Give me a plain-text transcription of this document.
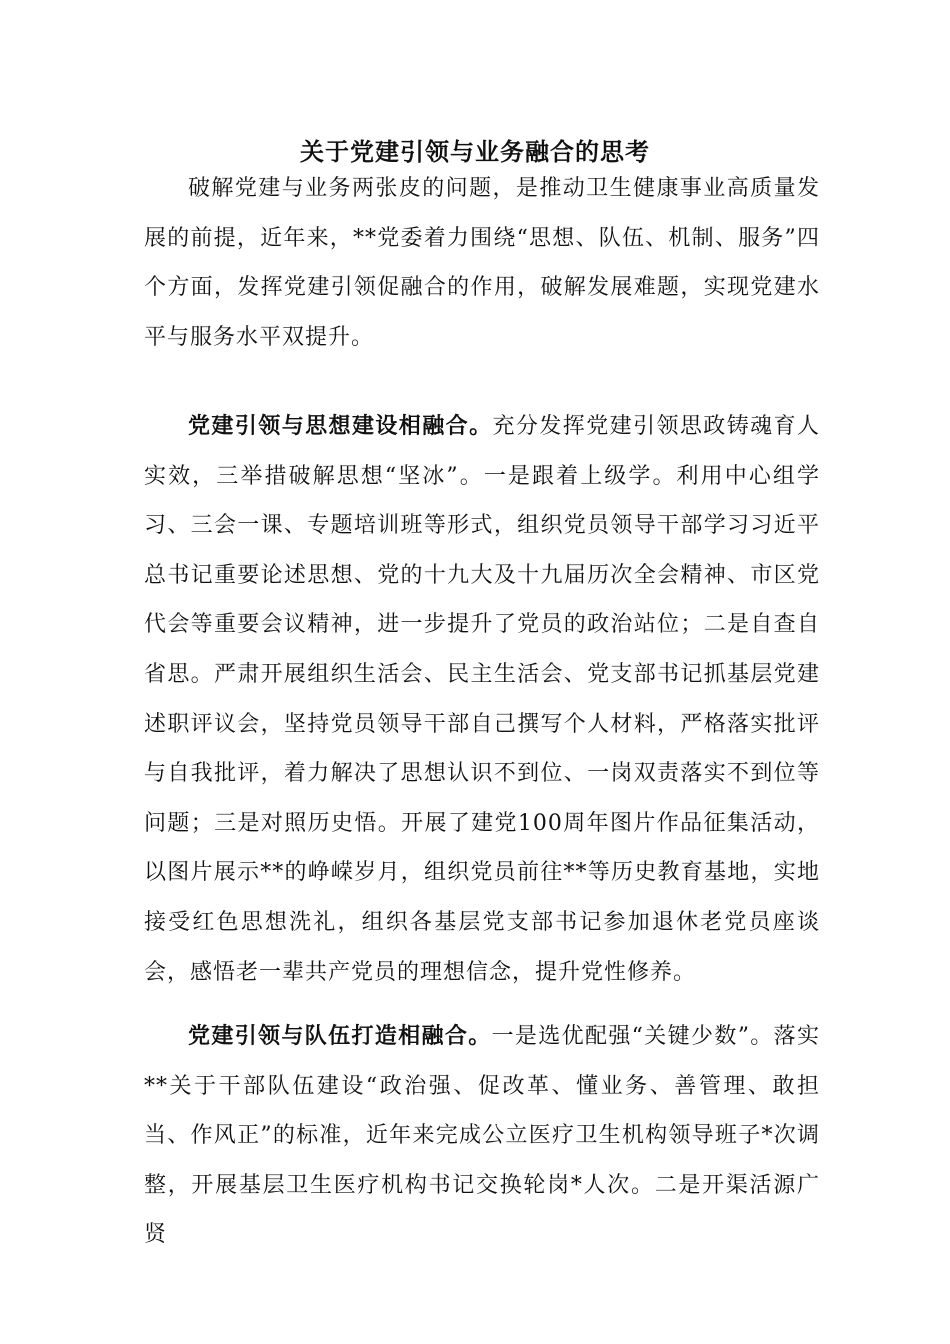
关于党建引领与业务融合的思考

破解党建与业务两张皮的问题，是推动卫生健康事业高质量发展的前提，近年来，**党委着力围绕“思想、队伍、机制、服务”四个方面，发挥党建引领促融合的作用，破解发展难题，实现党建水平与服务水平双提升。

党建引领与思想建设相融合。充分发挥党建引领思政铸魂育人实效，三举措破解思想“坚冰”。一是跟着上级学。利用中心组学习、三会一课、专题培训班等形式，组织党员领导干部学习习近平总书记重要论述思想、党的十九大及十九届历次全会精神、市区党代会等重要会议精神，进一步提升了党员的政治站位；二是自查自省思。严肃开展组织生活会、民主生活会、党支部书记抓基层党建述职评议会，坚持党员领导干部自己撰写个人材料，严格落实批评与自我批评，着力解决了思想认识不到位、一岗双责落实不到位等问题；三是对照历史悟。开展了建党100周年图片作品征集活动，以图片展示**的峥嵘岁月，组织党员前往**等历史教育基地，实地接受红色思想洗礼，组织各基层党支部书记参加退休老党员座谈会，感悟老一辈共产党员的理想信念，提升党性修养。

党建引领与队伍打造相融合。一是选优配强“关键少数”。落实**关于干部队伍建设“政治强、促改革、懂业务、善管理、敢担当、作风正”的标准，近年来完成公立医疗卫生机构领导班子*次调整，开展基层卫生医疗机构书记交换轮岗*人次。二是开渠活源广贤
